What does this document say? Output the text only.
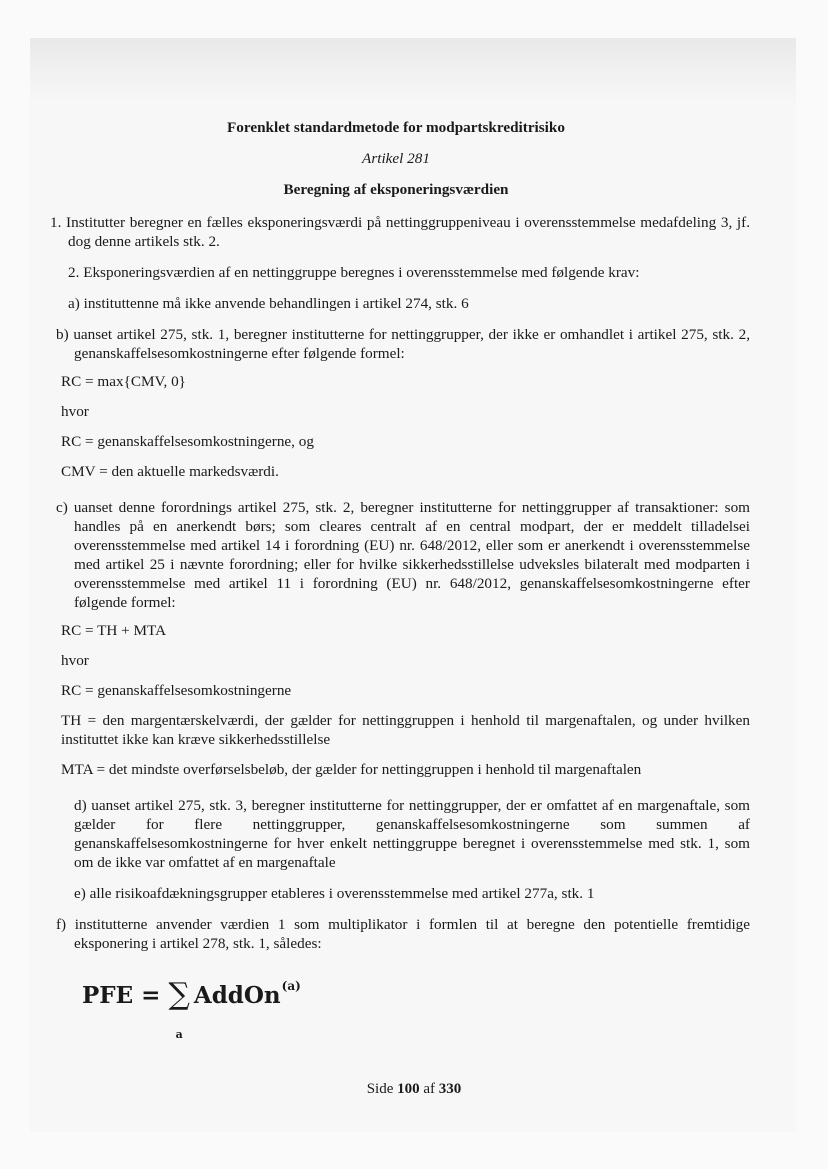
Forenklet standardmetode for modpartskreditrisiko

Artikel 281

Beregning af eksponeringsværdien

1. Institutter beregner en fælles eksponeringsværdi på nettinggruppeniveau i overensstemmelse medafdeling 3, jf. dog denne artikels stk. 2.

2. Eksponeringsværdien af en nettinggruppe beregnes i overensstemmelse med følgende krav:

a) instituttenne må ikke anvende behandlingen i artikel 274, stk. 6

b) uanset artikel 275, stk. 1, beregner institutterne for nettinggrupper, der ikke er omhandlet i artikel 275, stk. 2, genanskaffelsesomkostningerne efter følgende formel:

RC = max{CMV, 0}

hvor

RC = genanskaffelsesomkostningerne, og

CMV = den aktuelle markedsværdi.

c) uanset denne forordnings artikel 275, stk. 2, beregner institutterne for nettinggrupper af transaktioner: som handles på en anerkendt børs; som cleares centralt af en central modpart, der er meddelt tilladelsei overensstemmelse med artikel 14 i forordning (EU) nr. 648/2012, eller som er anerkendt i overensstemmelse med artikel 25 i nævnte forordning; eller for hvilke sikkerhedsstillelse udveksles bilateralt med modparten i overensstemmelse med artikel 11 i forordning (EU) nr. 648/2012, genanskaffelsesomkostningerne efter følgende formel:

RC = TH + MTA

hvor

RC = genanskaffelsesomkostningerne

TH = den margentærskelværdi, der gælder for nettinggruppen i henhold til margenaftalen, og under hvilken instituttet ikke kan kræve sikkerhedsstillelse

MTA = det mindste overførselsbeløb, der gælder for nettinggruppen i henhold til margenaftalen

d) uanset artikel 275, stk. 3, beregner institutterne for nettinggrupper, der er omfattet af en margenaftale, som gælder for flere nettinggrupper, genanskaffelsesomkostningerne som summen af genanskaffelsesomkostningerne for hver enkelt nettinggruppe beregnet i overensstemmelse med stk. 1, som om de ikke var omfattet af en margenaftale

e) alle risikoafdækningsgrupper etableres i overensstemmelse med artikel 277a, stk. 1

f) institutterne anvender værdien 1 som multiplikator i formlen til at beregne den potentielle fremtidige eksponering i artikel 278, stk. 1, således:

PFE = ∑
a
AddOn$^{(a)}$
Side 100 af 330
